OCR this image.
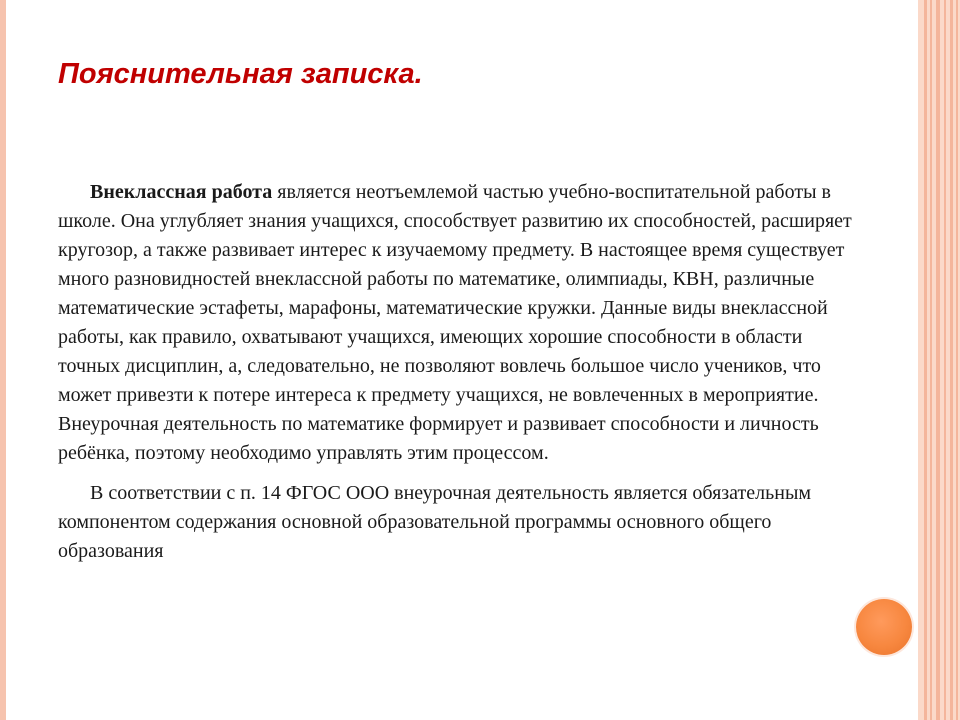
Пояснительная записка.

Внеклассная работа является неотъемлемой частью учебно-воспитательной работы в школе. Она углубляет знания учащихся, способствует развитию их способностей, расширяет кругозор, а также развивает интерес к изучаемому предмету. В настоящее время существует много разновидностей внеклассной работы по математике, олимпиады, КВН, различные математические эстафеты, марафоны, математические кружки. Данные виды внеклассной работы, как правило, охватывают учащихся, имеющих хорошие способности в области точных дисциплин, а, следовательно, не позволяют вовлечь большое число учеников, что может привезти к потере интереса к предмету учащихся, не вовлеченных в мероприятие. Внеурочная деятельность по математике формирует и развивает способности и личность ребёнка, поэтому необходимо управлять этим процессом.

В соответствии с п. 14 ФГОС ООО внеурочная деятельность является обязательным компонентом содержания основной образовательной программы основного общего образования
